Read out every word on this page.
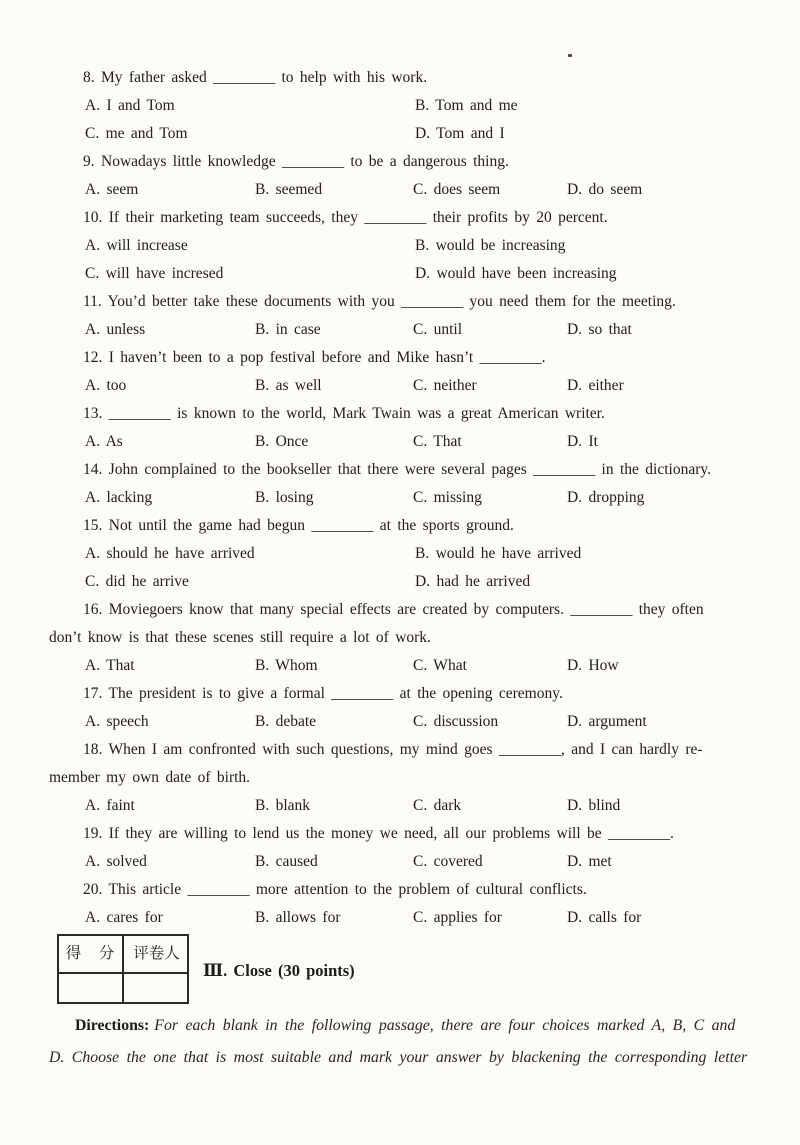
8. My father asked ________ to help with his work.
A. I and Tom	B. Tom and me
C. me and Tom	D. Tom and I
9. Nowadays little knowledge ________ to be a dangerous thing.
A. seem	B. seemed	C. does seem	D. do seem
10. If their marketing team succeeds, they ________ their profits by 20 percent.
A. will increase	B. would be increasing
C. will have incresed	D. would have been increasing
11. You’d better take these documents with you ________ you need them for the meeting.
A. unless	B. in case	C. until	D. so that
12. I haven’t been to a pop festival before and Mike hasn’t ________.
A. too	B. as well	C. neither	D. either
13. ________ is known to the world, Mark Twain was a great American writer.
A. As	B. Once	C. That	D. It
14. John complained to the bookseller that there were several pages ________ in the dictionary.
A. lacking	B. losing	C. missing	D. dropping
15. Not until the game had begun ________ at the sports ground.
A. should he have arrived	B. would he have arrived
C. did he arrive	D. had he arrived
16. Moviegoers know that many special effects are created by computers. ________ they often
don’t know is that these scenes still require a lot of work.
A. That	B. Whom	C. What	D. How
17. The president is to give a formal ________ at the opening ceremony.
A. speech	B. debate	C. discussion	D. argument
18. When I am confronted with such questions, my mind goes ________, and I can hardly re-
member my own date of birth.
A. faint	B. blank	C. dark	D. blind
19. If they are willing to lend us the money we need, all our problems will be ________.
A. solved	B. caused	C. covered	D. met
20. This article ________ more attention to the problem of cultural conflicts.
A. cares for	B. allows for	C. applies for	D. calls for
得　分	评卷人
Ⅲ. Close (30 points)
Directions: For each blank in the following passage, there are four choices marked A, B, C and
D. Choose the one that is most suitable and mark your answer by blackening the corresponding letter
